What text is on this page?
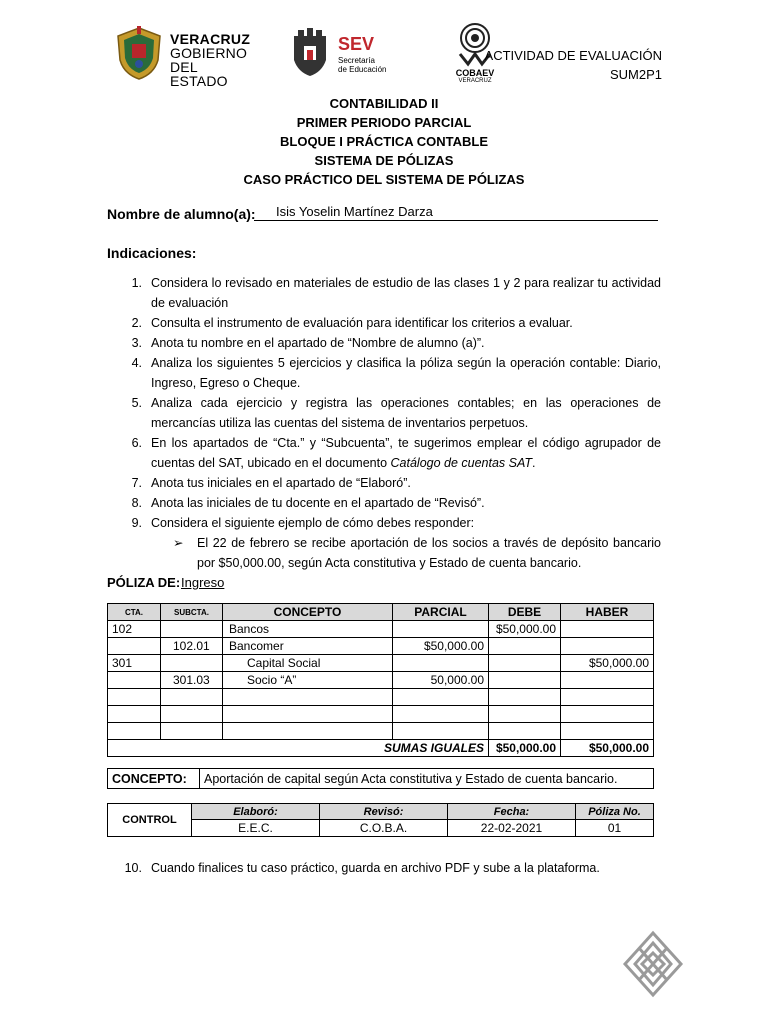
VERACRUZ
GOBIERNO
DEL ESTADO
SEV
Secretaría
de Educación	COBAEV
VERACRUZ
ACTIVIDAD DE EVALUACIÓN
SUM2P1
CONTABILIDAD II
PRIMER PERIODO PARCIAL
BLOQUE I PRÁCTICA CONTABLE
SISTEMA DE PÓLIZAS
CASO PRÁCTICO DEL SISTEMA DE PÓLIZAS
Nombre de alumno(a): Isis Yoselin Martínez Darza
Indicaciones:
1. Considera lo revisado en materiales de estudio de las clases 1 y 2 para realizar tu actividad de evaluación
2. Consulta el instrumento de evaluación para identificar los criterios a evaluar.
3. Anota tu nombre en el apartado de “Nombre de alumno (a)”.
4. Analiza los siguientes 5 ejercicios y clasifica la póliza según la operación contable: Diario, Ingreso, Egreso o Cheque.
5. Analiza cada ejercicio y registra las operaciones contables; en las operaciones de mercancías utiliza las cuentas del sistema de inventarios perpetuos.
6. En los apartados de “Cta.” y “Subcuenta”, te sugerimos emplear el código agrupador de cuentas del SAT, ubicado en el documento Catálogo de cuentas SAT.
7. Anota tus iniciales en el apartado de “Elaboró”.
8. Anota las iniciales de tu docente en el apartado de “Revisó”.
9. Considera el siguiente ejemplo de cómo debes responder:
➢	El 22 de febrero se recibe aportación de los socios a través de depósito bancario por $50,000.00, según Acta constitutiva y Estado de cuenta bancario.
PÓLIZA DE: Ingreso
CTA.	SUBCTA.	CONCEPTO	PARCIAL	DEBE	HABER
102		Bancos		$50,000.00	
	102.01	Bancomer	$50,000.00		
301		Capital Social			$50,000.00
	301.03	Socio “A”	50,000.00		

SUMAS IGUALES				$50,000.00	$50,000.00
CONCEPTO:	Aportación de capital según Acta constitutiva y Estado de cuenta bancario.
CONTROL	Elaboró:	Revisó:	Fecha:	Póliza No.
	E.E.C.	C.O.B.A.	22-02-2021	01
10. Cuando finalices tu caso práctico, guarda en archivo PDF y sube a la plataforma.
